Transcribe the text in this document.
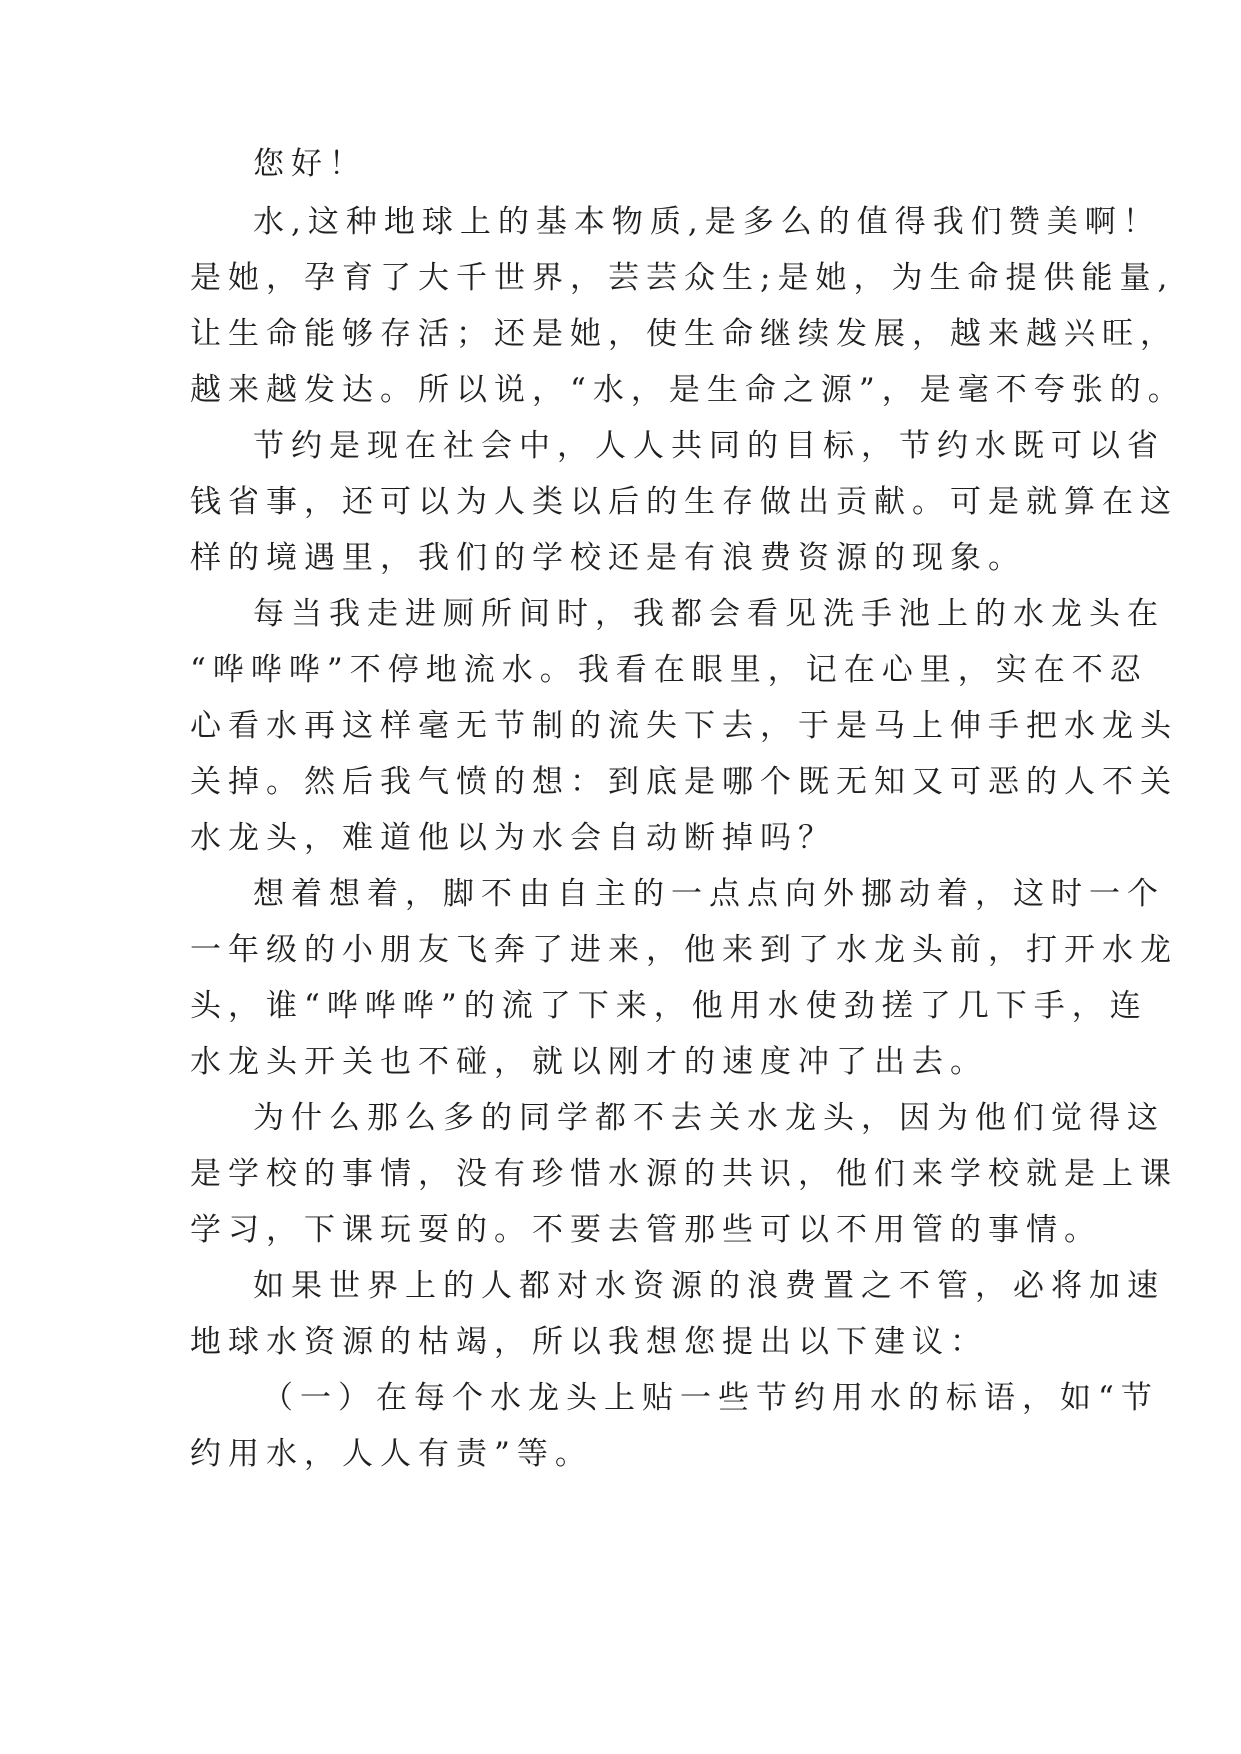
您好！

水,这种地球上的基本物质,是多么的值得我们赞美啊！

是她，孕育了大千世界，芸芸众生;是她，为生命提供能量,

让生命能够存活；还是她，使生命继续发展，越来越兴旺，

越来越发达。所以说，“水，是生命之源”，是毫不夸张的。

节约是现在社会中，人人共同的目标，节约水既可以省

钱省事，还可以为人类以后的生存做出贡献。可是就算在这

样的境遇里，我们的学校还是有浪费资源的现象。

每当我走进厕所间时，我都会看见洗手池上的水龙头在

“哗哗哗”不停地流水。我看在眼里，记在心里，实在不忍

心看水再这样毫无节制的流失下去，于是马上伸手把水龙头

关掉。然后我气愤的想：到底是哪个既无知又可恶的人不关

水龙头，难道他以为水会自动断掉吗？

想着想着，脚不由自主的一点点向外挪动着，这时一个

一年级的小朋友飞奔了进来，他来到了水龙头前，打开水龙

头，谁“哗哗哗”的流了下来，他用水使劲搓了几下手，连

水龙头开关也不碰，就以刚才的速度冲了出去。

为什么那么多的同学都不去关水龙头，因为他们觉得这

是学校的事情，没有珍惜水源的共识，他们来学校就是上课

学习，下课玩耍的。不要去管那些可以不用管的事情。

如果世界上的人都对水资源的浪费置之不管，必将加速

地球水资源的枯竭，所以我想您提出以下建议：

（一）在每个水龙头上贴一些节约用水的标语，如“节

约用水，人人有责”等。
